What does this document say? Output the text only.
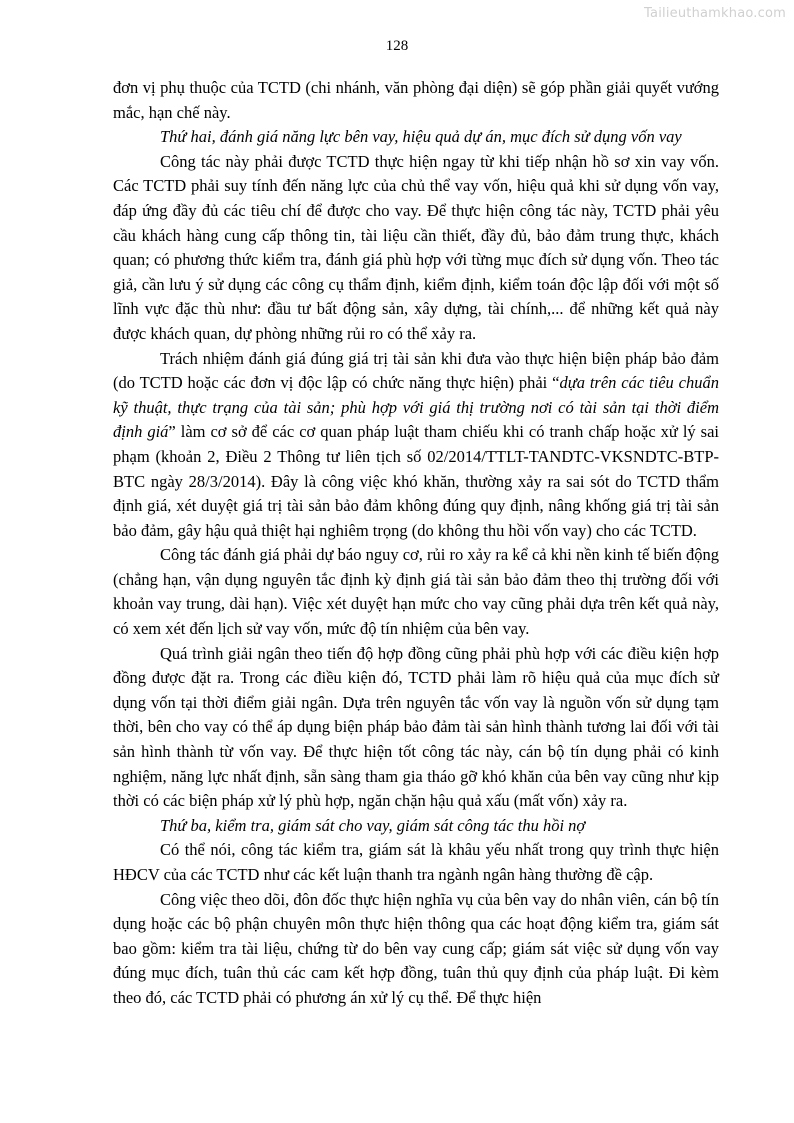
Tailieuthamkhao.com
128

đơn vị phụ thuộc của TCTD (chi nhánh, văn phòng đại diện) sẽ góp phần giải quyết vướng mắc, hạn chế này.

Thứ hai, đánh giá năng lực bên vay, hiệu quả dự án, mục đích sử dụng vốn vay

Công tác này phải được TCTD thực hiện ngay từ khi tiếp nhận hồ sơ xin vay vốn. Các TCTD phải suy tính đến năng lực của chủ thể vay vốn, hiệu quả khi sử dụng vốn vay, đáp ứng đầy đủ các tiêu chí để được cho vay. Để thực hiện công tác này, TCTD phải yêu cầu khách hàng cung cấp thông tin, tài liệu cần thiết, đầy đủ, bảo đảm trung thực, khách quan; có phương thức kiểm tra, đánh giá phù hợp với từng mục đích sử dụng vốn. Theo tác giả, cần lưu ý sử dụng các công cụ thẩm định, kiểm định, kiểm toán độc lập đối với một số lĩnh vực đặc thù như: đầu tư bất động sản, xây dựng, tài chính,... để những kết quả này được khách quan, dự phòng những rủi ro có thể xảy ra.

Trách nhiệm đánh giá đúng giá trị tài sản khi đưa vào thực hiện biện pháp bảo đảm (do TCTD hoặc các đơn vị độc lập có chức năng thực hiện) phải “dựa trên các tiêu chuẩn kỹ thuật, thực trạng của tài sản; phù hợp với giá thị trường nơi có tài sản tại thời điểm định giá” làm cơ sở để các cơ quan pháp luật tham chiếu khi có tranh chấp hoặc xử lý sai phạm (khoản 2, Điều 2 Thông tư liên tịch số 02/2014/TTLT-TANDTC-VKSNDTC-BTP-BTC ngày 28/3/2014). Đây là công việc khó khăn, thường xảy ra sai sót do TCTD thẩm định giá, xét duyệt giá trị tài sản bảo đảm không đúng quy định, nâng khống giá trị tài sản bảo đảm, gây hậu quả thiệt hại nghiêm trọng (do không thu hồi vốn vay) cho các TCTD.

Công tác đánh giá phải dự báo nguy cơ, rủi ro xảy ra kể cả khi nền kinh tế biến động (chẳng hạn, vận dụng nguyên tắc định kỳ định giá tài sản bảo đảm theo thị trường đối với khoản vay trung, dài hạn). Việc xét duyệt hạn mức cho vay cũng phải dựa trên kết quả này, có xem xét đến lịch sử vay vốn, mức độ tín nhiệm của bên vay.

Quá trình giải ngân theo tiến độ hợp đồng cũng phải phù hợp với các điều kiện hợp đồng được đặt ra. Trong các điều kiện đó, TCTD phải làm rõ hiệu quả của mục đích sử dụng vốn tại thời điểm giải ngân. Dựa trên nguyên tắc vốn vay là nguồn vốn sử dụng tạm thời, bên cho vay có thể áp dụng biện pháp bảo đảm tài sản hình thành tương lai đối với tài sản hình thành từ vốn vay. Để thực hiện tốt công tác này, cán bộ tín dụng phải có kinh nghiệm, năng lực nhất định, sẵn sàng tham gia tháo gỡ khó khăn của bên vay cũng như kịp thời có các biện pháp xử lý phù hợp, ngăn chặn hậu quả xấu (mất vốn) xảy ra.

Thứ ba, kiểm tra, giám sát cho vay, giám sát công tác thu hồi nợ

Có thể nói, công tác kiểm tra, giám sát là khâu yếu nhất trong quy trình thực hiện HĐCV của các TCTD như các kết luận thanh tra ngành ngân hàng thường đề cập.

Công việc theo dõi, đôn đốc thực hiện nghĩa vụ của bên vay do nhân viên, cán bộ tín dụng hoặc các bộ phận chuyên môn thực hiện thông qua các hoạt động kiểm tra, giám sát bao gồm: kiểm tra tài liệu, chứng từ do bên vay cung cấp; giám sát việc sử dụng vốn vay đúng mục đích, tuân thủ các cam kết hợp đồng, tuân thủ quy định của pháp luật. Đi kèm theo đó, các TCTD phải có phương án xử lý cụ thể. Để thực hiện
